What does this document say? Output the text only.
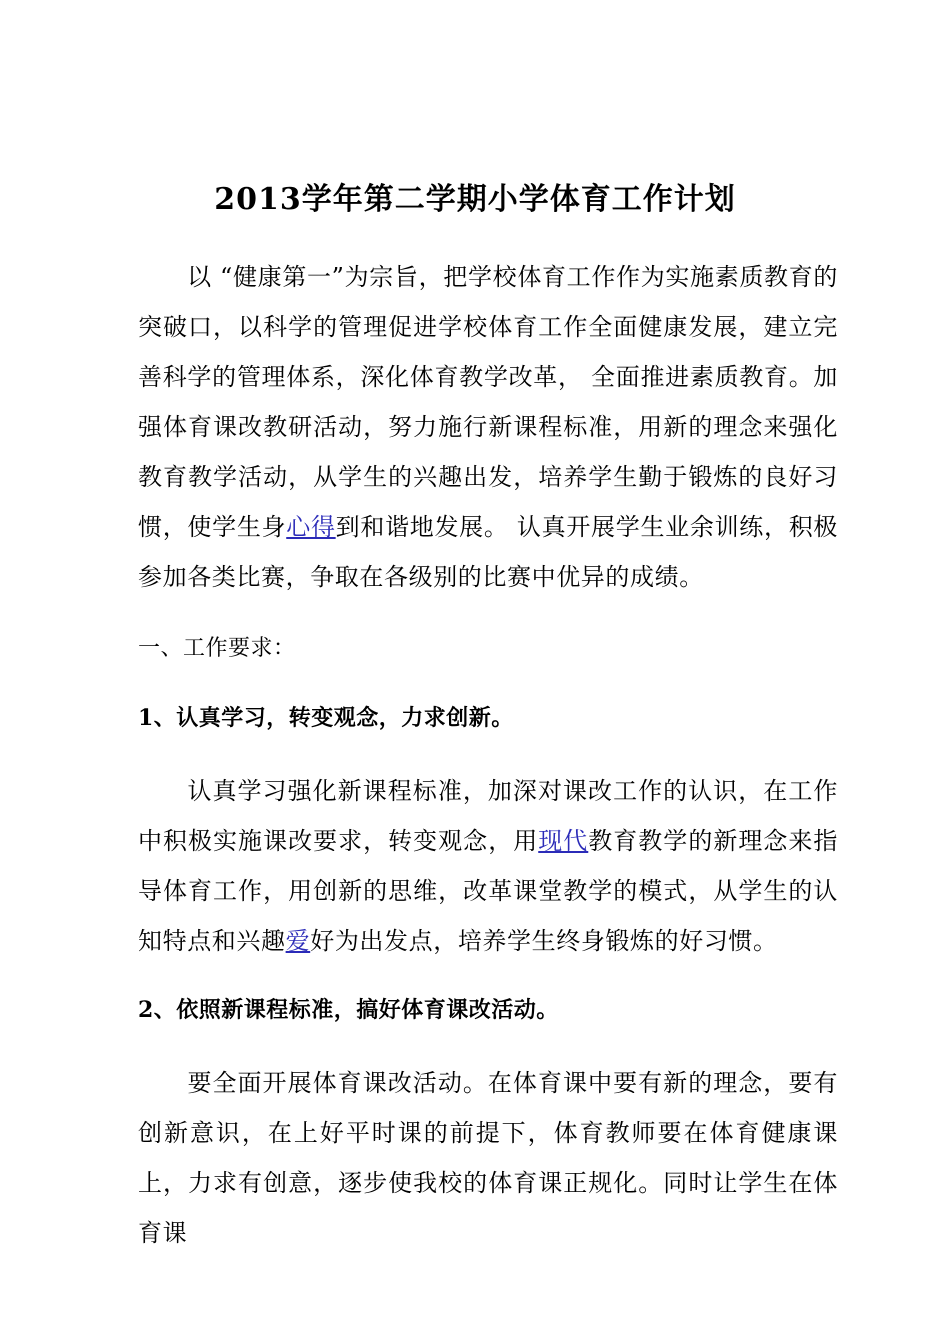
2013学年第二学期小学体育工作计划

以 “健康第一”为宗旨，把学校体育工作作为实施素质教育的突破口，以科学的管理促进学校体育工作全面健康发展，建立完善科学的管理体系，深化体育教学改革， 全面推进素质教育。加强体育课改教研活动，努力施行新课程标准，用新的理念来强化教育教学活动，从学生的兴趣出发，培养学生勤于锻炼的良好习惯，使学生身心得到和谐地发展。 认真开展学生业余训练，积极参加各类比赛，争取在各级别的比赛中优异的成绩。

一、工作要求：

1、认真学习，转变观念，力求创新。

认真学习强化新课程标准，加深对课改工作的认识，在工作中积极实施课改要求，转变观念，用现代教育教学的新理念来指导体育工作，用创新的思维，改革课堂教学的模式，从学生的认知特点和兴趣爱好为出发点，培养学生终身锻炼的好习惯。

2、依照新课程标准，搞好体育课改活动。

要全面开展体育课改活动。在体育课中要有新的理念，要有创新意识，在上好平时课的前提下，体育教师要在体育健康课上，力求有创意，逐步使我校的体育课正规化。同时让学生在体育课
